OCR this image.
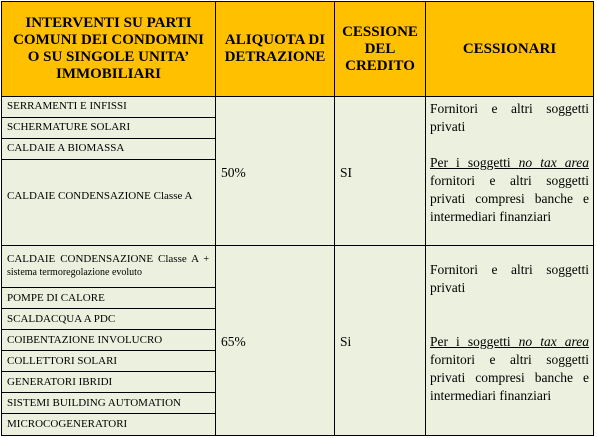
INTERVENTI SU PARTI COMUNI DEI CONDOMINI O SU SINGOLE UNITA’ IMMOBILIARI
ALIQUOTA DI DETRAZIONE
CESSIONE DEL CREDITO
CESSIONARI
SERRAMENTI E INFISSI
SCHERMATURE SOLARI
CALDAIE A BIOMASSA
CALDAIE CONDENSAZIONE Classe A
50%	SI
Fornitori e altri soggetti privati
Per i soggetti no tax area fornitori e altri soggetti privati compresi banche e intermediari finanziari
CALDAIE CONDENSAZIONE Classe A + sistema termoregolazione evoluto
POMPE DI CALORE
SCALDACQUA A PDC
COIBENTAZIONE INVOLUCRO
COLLETTORI SOLARI
GENERATORI IBRIDI
SISTEMI BUILDING AUTOMATION
MICROCOGENERATORI
65%	Si
Fornitori e altri soggetti privati
Per i soggetti no tax area fornitori e altri soggetti privati compresi banche e intermediari finanziari
